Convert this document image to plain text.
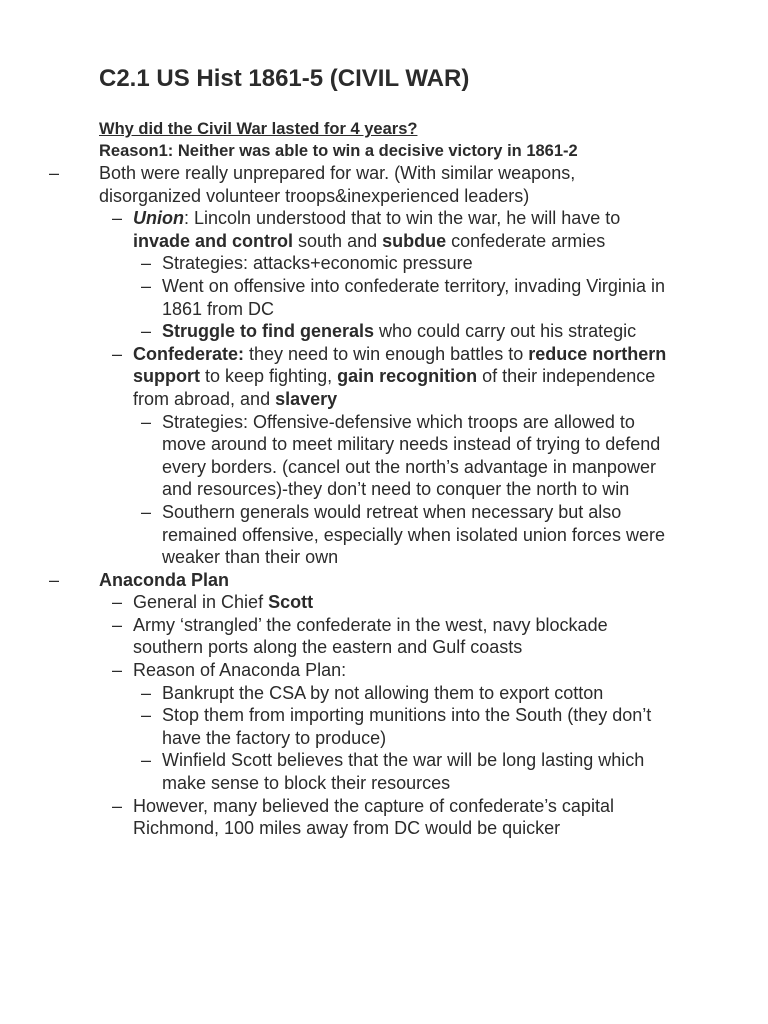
C2.1 US Hist 1861-5 (CIVIL WAR)
Why did the Civil War lasted for 4 years?
Reason1: Neither was able to win a decisive victory in 1861-2
– Both were really unprepared for war. (With similar weapons, disorganized volunteer troops&inexperienced leaders)
– Union: Lincoln understood that to win the war, he will have to invade and control south and subdue confederate armies
– Strategies: attacks+economic pressure
– Went on offensive into confederate territory, invading Virginia in 1861 from DC
– Struggle to find generals who could carry out his strategic
– Confederate: they need to win enough battles to reduce northern support to keep fighting, gain recognition of their independence from abroad, and slavery
– Strategies: Offensive-defensive which troops are allowed to move around to meet military needs instead of trying to defend every borders. (cancel out the north’s advantage in manpower and resources)-they don’t need to conquer the north to win
– Southern generals would retreat when necessary but also remained offensive, especially when isolated union forces were weaker than their own
– Anaconda Plan
– General in Chief Scott
– Army ‘strangled’ the confederate in the west, navy blockade southern ports along the eastern and Gulf coasts
– Reason of Anaconda Plan:
– Bankrupt the CSA by not allowing them to export cotton
– Stop them from importing munitions into the South (they don’t have the factory to produce)
– Winfield Scott believes that the war will be long lasting which make sense to block their resources
– However, many believed the capture of confederate’s capital Richmond, 100 miles away from DC would be quicker
